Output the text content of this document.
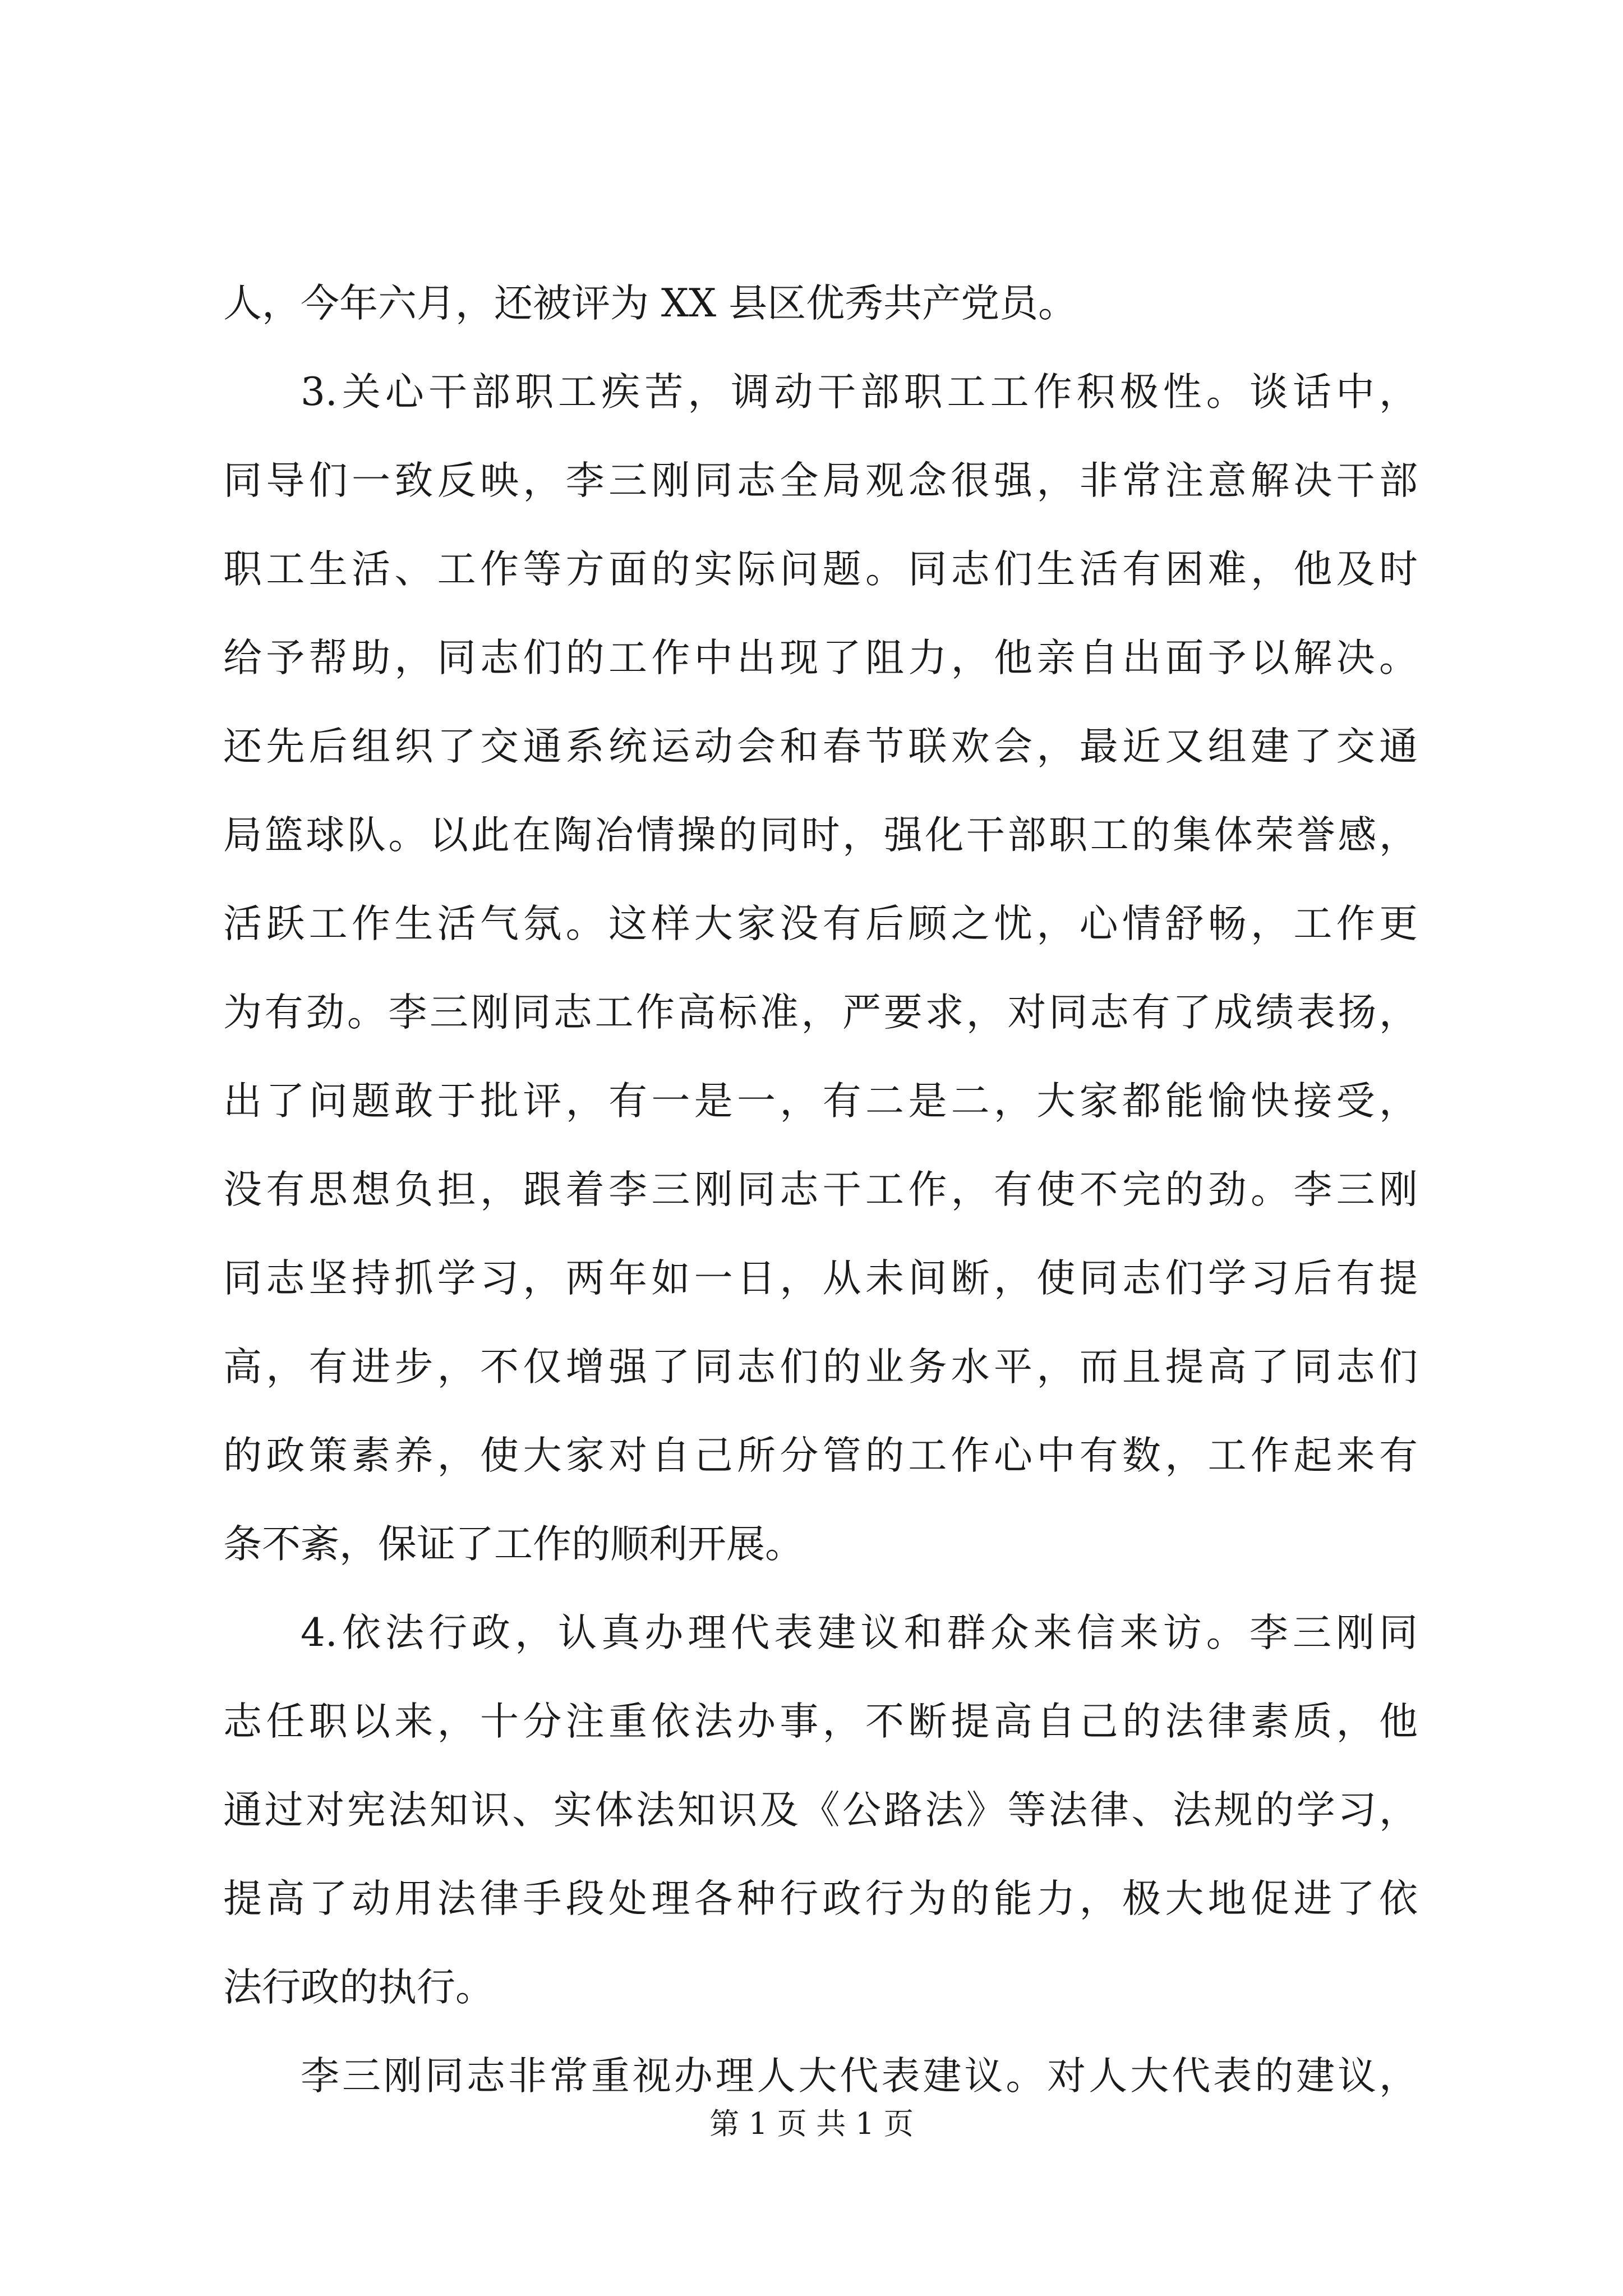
人，今年六月，还被评为 XX 县区优秀共产党员。
3.关心干部职工疾苦，调动干部职工工作积极性。谈话中，
同导们一致反映，李三刚同志全局观念很强，非常注意解决干部
职工生活、工作等方面的实际问题。同志们生活有困难，他及时
给予帮助，同志们的工作中出现了阻力，他亲自出面予以解决。
还先后组织了交通系统运动会和春节联欢会，最近又组建了交通
局篮球队。以此在陶冶情操的同时，强化干部职工的集体荣誉感，
活跃工作生活气氛。这样大家没有后顾之忧，心情舒畅，工作更
为有劲。李三刚同志工作高标准，严要求，对同志有了成绩表扬，
出了问题敢于批评，有一是一，有二是二，大家都能愉快接受，
没有思想负担，跟着李三刚同志干工作，有使不完的劲。李三刚
同志坚持抓学习，两年如一日，从未间断，使同志们学习后有提
高，有进步，不仅增强了同志们的业务水平，而且提高了同志们
的政策素养，使大家对自己所分管的工作心中有数，工作起来有
条不紊，保证了工作的顺利开展。
4.依法行政，认真办理代表建议和群众来信来访。李三刚同
志任职以来，十分注重依法办事，不断提高自己的法律素质，他
通过对宪法知识、实体法知识及《公路法》等法律、法规的学习，
提高了动用法律手段处理各种行政行为的能力，极大地促进了依
法行政的执行。
李三刚同志非常重视办理人大代表建议。对人大代表的建议，
第 1 页 共 1 页
